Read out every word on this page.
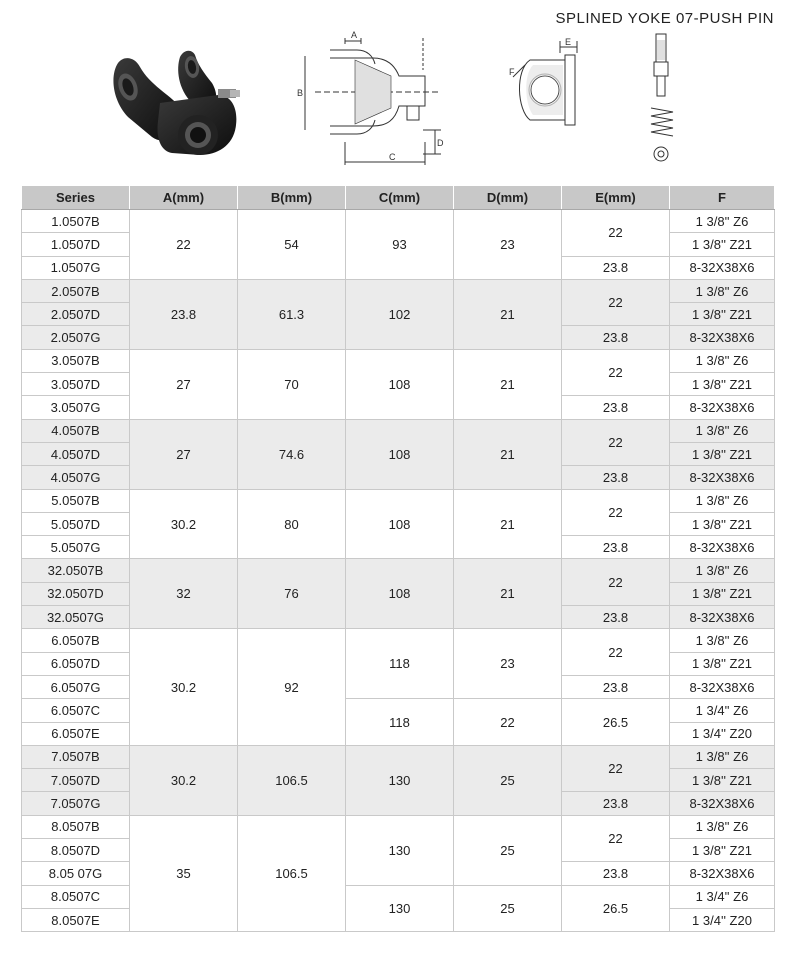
SPLINED YOKE 07-PUSH PIN
A
B
C
D
E
F
Series	A(mm)	B(mm)	C(mm)	D(mm)	E(mm)	F
1.0507B	22	54	93	23	22	1 3/8'' Z6
1.0507D						1 3/8'' Z21
1.0507G					23.8	8-32X38X6
2.0507B	23.8	61.3	102	21	22	1 3/8'' Z6
2.0507D						1 3/8'' Z21
2.0507G					23.8	8-32X38X6
3.0507B	27	70	108	21	22	1 3/8'' Z6
3.0507D						1 3/8'' Z21
3.0507G					23.8	8-32X38X6
4.0507B	27	74.6	108	21	22	1 3/8'' Z6
4.0507D						1 3/8'' Z21
4.0507G					23.8	8-32X38X6
5.0507B	30.2	80	108	21	22	1 3/8'' Z6
5.0507D						1 3/8'' Z21
5.0507G					23.8	8-32X38X6
32.0507B	32	76	108	21	22	1 3/8'' Z6
32.0507D						1 3/8'' Z21
32.0507G					23.8	8-32X38X6
6.0507B	30.2	92	118	23	22	1 3/8'' Z6
6.0507D						1 3/8'' Z21
6.0507G					23.8	8-32X38X6
6.0507C			118	22	26.5	1 3/4'' Z6
6.0507E						1 3/4'' Z20
7.0507B	30.2	106.5	130	25	22	1 3/8'' Z6
7.0507D						1 3/8'' Z21
7.0507G					23.8	8-32X38X6
8.0507B	35	106.5	130	25	22	1 3/8'' Z6
8.0507D						1 3/8'' Z21
8.05 07G					23.8	8-32X38X6
8.0507C			130	25	26.5	1 3/4'' Z6
8.0507E						1 3/4'' Z20
